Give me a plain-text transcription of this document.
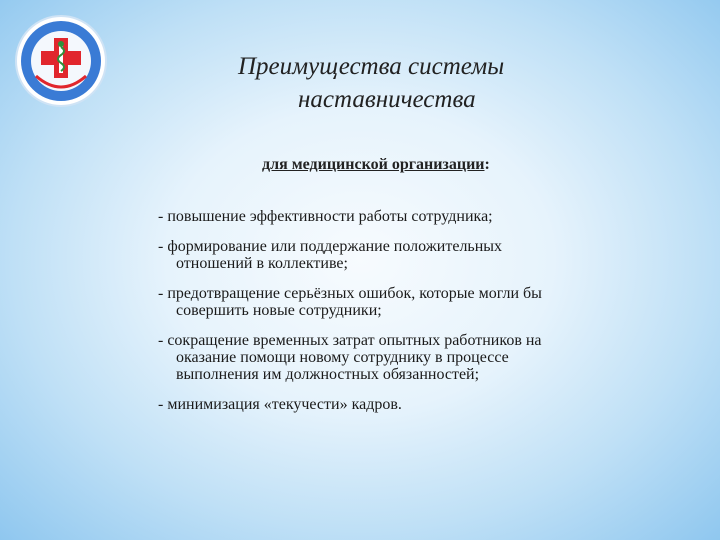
Преимущества системы
наставничества
для медицинской организации:
- повышение эффективности работы сотрудника;
- формирование или поддержание положительных
отношений в коллективе;
- предотвращение серьёзных ошибок, которые могли бы
совершить новые сотрудники;
- сокращение временных затрат опытных работников на
оказание помощи новому сотруднику в процессе
выполнения им должностных обязанностей;
- минимизация «текучести» кадров.
